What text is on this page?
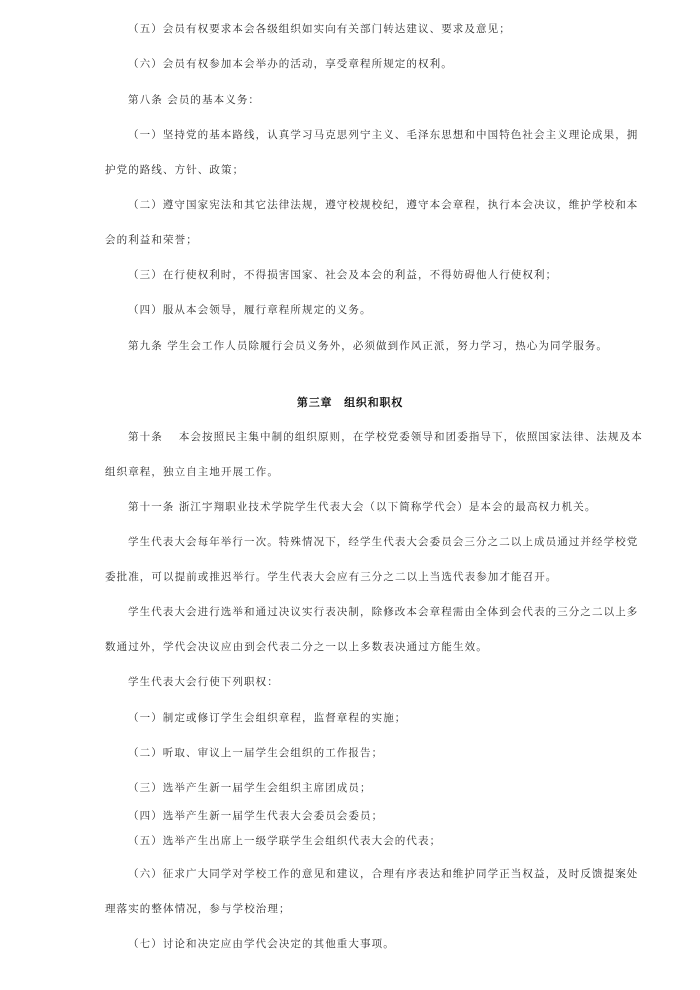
（五）会员有权要求本会各级组织如实向有关部门转达建议、要求及意见；
（六）会员有权参加本会举办的活动，享受章程所规定的权利。
第八条 会员的基本义务：
（一）坚持党的基本路线，认真学习马克思列宁主义、毛泽东思想和中国特色社会主义理论成果，拥
护党的路线、方针、政策；
（二）遵守国家宪法和其它法律法规，遵守校规校纪，遵守本会章程，执行本会决议，维护学校和本
会的利益和荣誉；
（三）在行使权利时，不得损害国家、社会及本会的利益，不得妨碍他人行使权利；
（四）服从本会领导，履行章程所规定的义务。
第九条 学生会工作人员除履行会员义务外，必须做到作风正派，努力学习，热心为同学服务。
第三章　组织和职权
第十条　 本会按照民主集中制的组织原则，在学校党委领导和团委指导下，依照国家法律、法规及本
组织章程，独立自主地开展工作。
第十一条 浙江宇翔职业技术学院学生代表大会（以下简称学代会）是本会的最高权力机关。
学生代表大会每年举行一次。特殊情况下，经学生代表大会委员会三分之二以上成员通过并经学校党
委批准，可以提前或推迟举行。学生代表大会应有三分之二以上当选代表参加才能召开。
学生代表大会进行选举和通过决议实行表决制，除修改本会章程需由全体到会代表的三分之二以上多
数通过外，学代会决议应由到会代表二分之一以上多数表决通过方能生效。
学生代表大会行使下列职权：
（一）制定或修订学生会组织章程，监督章程的实施；
（二）听取、审议上一届学生会组织的工作报告；
（三）选举产生新一届学生会组织主席团成员；
（四）选举产生新一届学生代表大会委员会委员；
（五）选举产生出席上一级学联学生会组织代表大会的代表；
（六）征求广大同学对学校工作的意见和建议，合理有序表达和维护同学正当权益，及时反馈提案处
理落实的整体情况，参与学校治理；
（七）讨论和决定应由学代会决定的其他重大事项。
